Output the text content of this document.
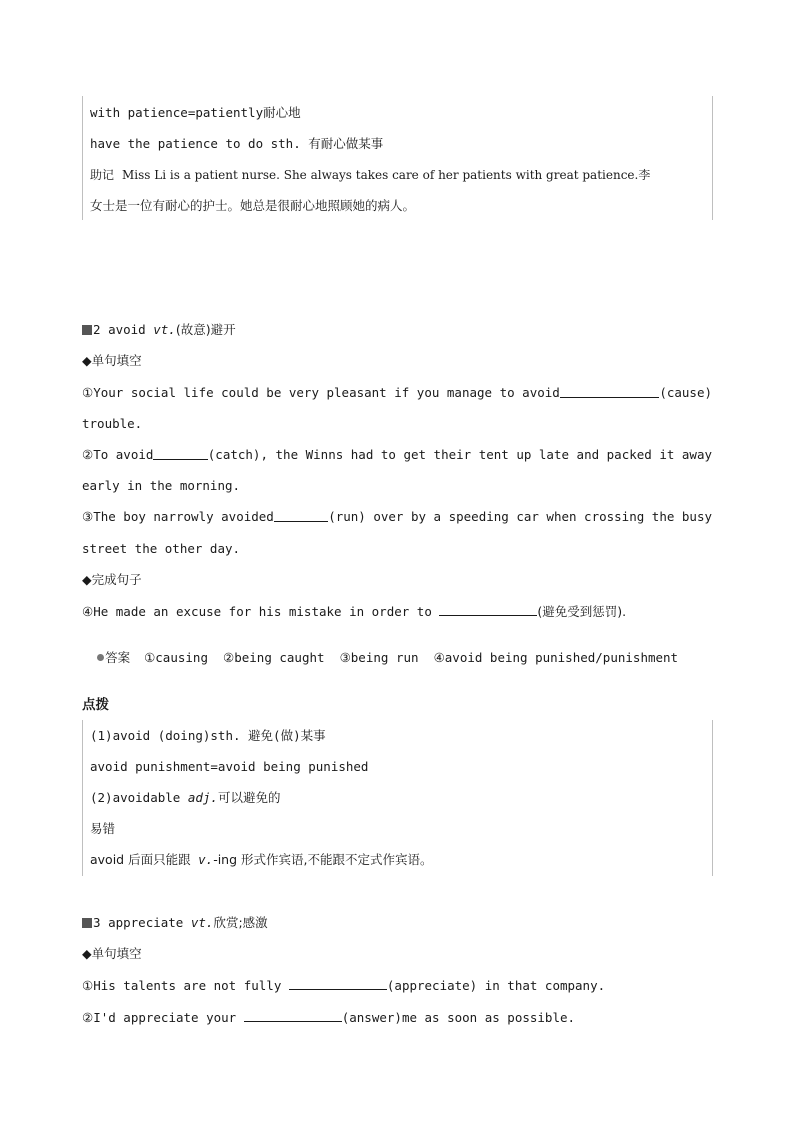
with patience=patiently耐心地
have the patience to do sth. 有耐心做某事
助记 Miss Li is a patient nurse. She always takes care of her patients with great patience.李
女士是一位有耐心的护士。她总是很耐心地照顾她的病人。
2 avoid vt.(故意)避开
◆单句填空
①Your social life could be very pleasant if you manage to avoid	(cause)
trouble.
②To avoid	(catch), the Winns had to get their tent up late and packed it away
early in the morning.
③The boy narrowly avoided	(run) over by a speeding car when crossing the busy
street the other day.
◆完成句子
④He made an excuse for his mistake in order to	(避免受到惩罚).

答案 ①causing  ②being caught  ③being run  ④avoid being punished/punishment

点拨
(1)avoid (doing)sth. 避免(做)某事
avoid punishment=avoid being punished
(2)avoidable adj.可以避免的
易错
avoid 后面只能跟 v.-ing 形式作宾语,不能跟不定式作宾语。
3 appreciate vt.欣赏;感激
◆单句填空
①His talents are not fully	(appreciate) in that company.
②I'd appreciate your	(answer)me as soon as possible.
